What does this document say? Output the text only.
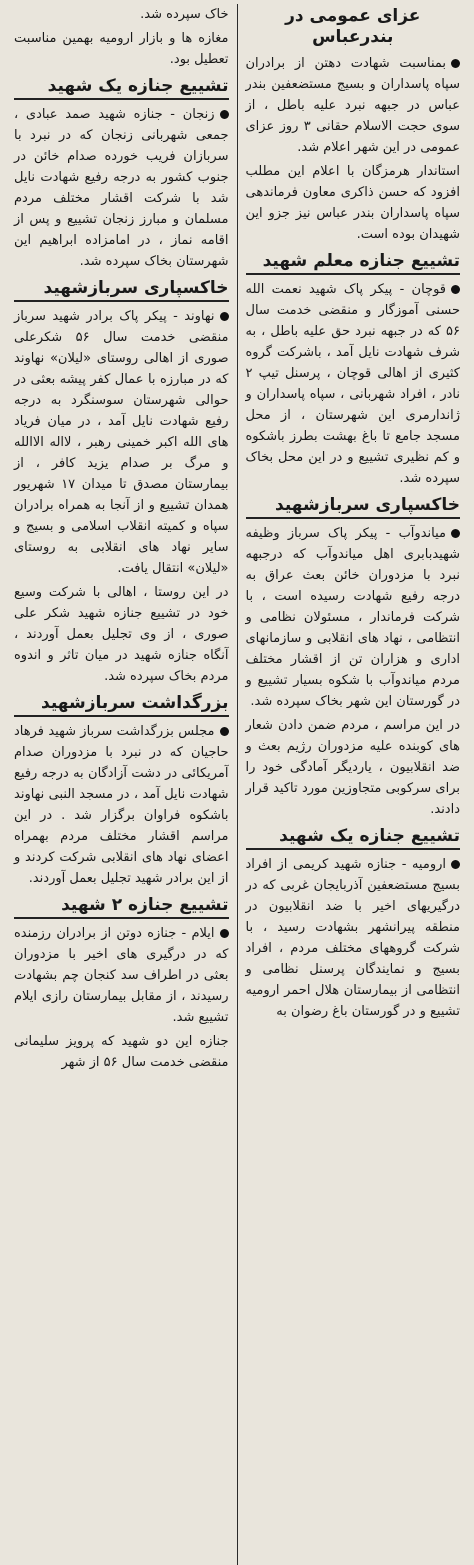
عزای عمومی در بندرعباس

بمناسبت شهادت دهتن از برادران سپاه پاسداران و بسیج مستضعفین بندر عباس در جبهه نبرد علیه باطل ، از سوی حجت الاسلام حقانی ۳ روز عزای عمومی در این شهر اعلام شد.

استاندار هرمزگان با اعلام این مطلب افزود که حسن ذاکری معاون فرماندهی سپاه پاسداران بندر عباس نیز جزو این شهیدان بوده است.

تشییع جنازه معلم شهید

قوچان - پیکر پاک شهید نعمت الله حسنی آموزگار و منقضی خدمت سال ۵۶ که در جبهه نبرد حق علیه باطل ، به شرف شهادت نایل آمد ، باشرکت گروه کثیری از اهالی قوچان ، پرسنل تیپ ۲ نادر ، افراد شهربانی ، سپاه پاسداران و ژاندارمری این شهرستان ، از محل مسجد جامع تا باغ بهشت بطرز باشکوه و کم نظیری تشییع و در این محل بخاک سپرده شد.

خاکسپاری سربازشهید

میاندوآب - پیکر پاک سرباز وظیفه شهیدبابری اهل میاندوآب که درجبهه نبرد با مزدوران خائن بعث عراق به درجه رفیع شهادت رسیده است ، با شرکت فرماندار ، مسئولان نظامی و انتظامی ، نهاد های انقلابی و سازمانهای اداری و هزاران تن از اقشار مختلف مردم میاندوآب با شکوه بسیار تشییع و در گورستان این شهر بخاک سپرده شد.

در این مراسم ، مردم ضمن دادن شعار های کوبنده علیه مزدوران رژیم بعث و ضد انقلابیون ، یاردیگر آمادگی خود را برای سرکوبی متجاوزین مورد تاکید قرار دادند.

تشییع جنازه یک شهید

ارومیه - جنازه شهید کریمی از افراد بسیج مستضعفین آذربایجان غربی که در درگیریهای اخیر با ضد انقلابیون در منطقه پیرانشهر بشهادت رسید ، با شرکت گروههای مختلف مردم ، افراد بسیج و نمایندگان پرسنل نظامی و انتظامی از بیمارستان هلال احمر ارومیه تشییع و در گورستان باغ رضوان به

خاک سپرده شد.

مغازه ها و بازار ارومیه بهمین مناسبت تعطیل بود.

تشییع جنازه یک شهید

زنجان - جنازه شهید صمد عبادی ، جمعی شهربانی زنجان که در نبرد با سربازان فریب خورده صدام خائن در جنوب کشور به درجه رفیع شهادت نایل شد با شرکت اقشار مختلف مردم مسلمان و مبارز زنجان تشییع و پس از اقامه نماز ، در امامزاده ابراهیم این شهرستان بخاک سپرده شد.

خاکسپاری سربازشهید

نهاوند - پیکر پاک برادر شهید سرباز منقضی خدمت سال ۵۶ شکرعلی صوری از اهالی روستای «لیلان» نهاوند که در مبارزه با عمال کفر پیشه بعثی در حوالی شهرستان سوسنگرد به درجه رفیع شهادت نایل آمد ، در میان فریاد های الله اکبر خمینی رهبر ، لااله الاالله و مرگ بر صدام یزید کافر ، از بیمارستان مصدق تا میدان ۱۷ شهریور همدان تشییع و از آنجا به همراه برادران سپاه و کمیته انقلاب اسلامی و بسیج و سایر نهاد های انقلابی به روستای «لیلان» انتقال یافت.

در این روستا ، اهالی با شرکت وسیع خود در تشییع جنازه شهید شکر علی صوری ، از وی تجلیل بعمل آوردند ، آنگاه جنازه شهید در میان تاثر و اندوه مردم بخاک سپرده شد.

بزرگداشت سربازشهید

مجلس بزرگداشت سرباز شهید فرهاد حاجیان که در نبرد با مزدوران صدام آمریکائی در دشت آزادگان به درجه رفیع شهادت نایل آمد ، در مسجد النبی نهاوند باشکوه فراوان برگزار شد . در این مراسم اقشار مختلف مردم بهمراه اعضای نهاد های انقلابی شرکت کردند و از این برادر شهید تجلیل بعمل آوردند.

تشییع جنازه ۲ شهید

ایلام - جنازه دوتن از برادران رزمنده که در درگیری های اخیر با مزدوران بعثی در اطراف سد کنجان چم بشهادت رسیدند ، از مقابل بیمارستان رازی ایلام تشییع شد.

جنازه این دو شهید که پرویز سلیمانی منقضی خدمت سال ۵۶ از شهر
